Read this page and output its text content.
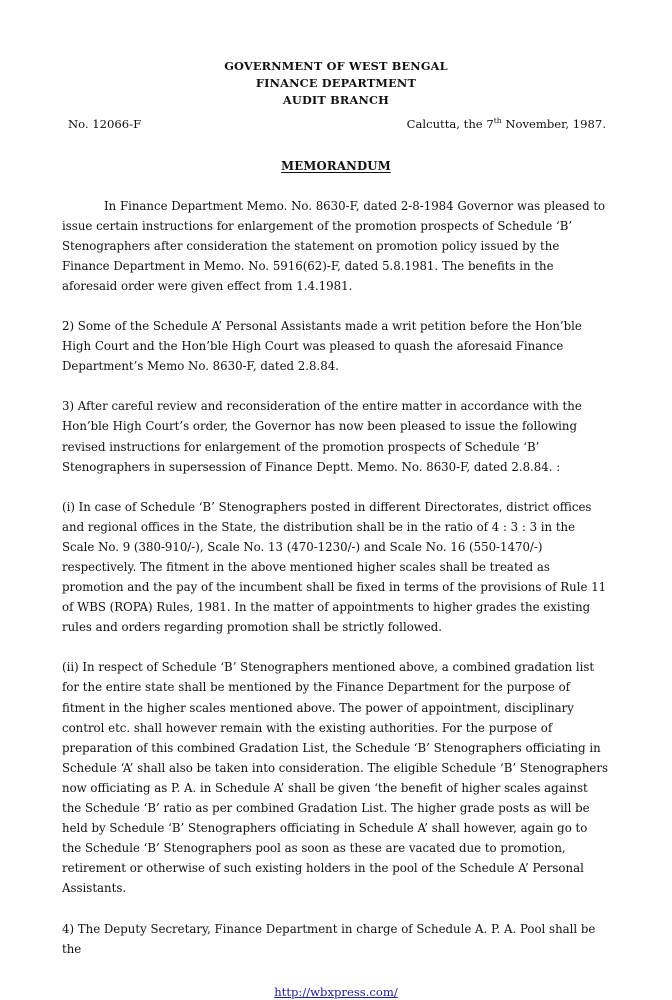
GOVERNMENT OF WEST BENGAL
FINANCE DEPARTMENT
AUDIT BRANCH
No. 12066-F	Calcutta, the 7th November, 1987.
MEMORANDUM

In Finance Department Memo. No. 8630-F, dated 2-8-1984 Governor was pleased to issue certain instructions for enlargement of the promotion prospects of Schedule ‘B’ Stenographers after consideration the statement on promotion policy issued by the Finance Department in Memo. No. 5916(62)-F, dated 5.8.1981. The benefits in the aforesaid order were given effect from 1.4.1981.

2) Some of the Schedule A’ Personal Assistants made a writ petition before the Hon’ble High Court and the Hon’ble High Court was pleased to quash the aforesaid Finance Department’s Memo No. 8630-F, dated 2.8.84.

3) After careful review and reconsideration of the entire matter in accordance with the Hon’ble High Court’s order, the Governor has now been pleased to issue the following revised instructions for enlargement of the promotion prospects of Schedule ‘B’ Stenographers in supersession of Finance Deptt. Memo. No. 8630-F, dated 2.8.84. :

(i) In case of Schedule ‘B’ Stenographers posted in different Directorates, district offices and regional offices in the State, the distribution shall be in the ratio of 4 : 3 : 3 in the Scale No. 9 (380-910/-), Scale No. 13 (470-1230/-) and Scale No. 16 (550-1470/-) respectively. The fitment in the above mentioned higher scales shall be treated as promotion and the pay of the incumbent shall be fixed in terms of the provisions of Rule 11 of WBS (ROPA) Rules, 1981. In the matter of appointments to higher grades the existing rules and orders regarding promotion shall be strictly followed.

(ii) In respect of Schedule ‘B’ Stenographers mentioned above, a combined gradation list for the entire state shall be mentioned by the Finance Department for the purpose of fitment in the higher scales mentioned above. The power of appointment, disciplinary control etc. shall however remain with the existing authorities. For the purpose of preparation of this combined Gradation List, the Schedule ‘B’ Stenographers officiating in Schedule ‘A’ shall also be taken into consideration. The eligible Schedule ‘B’ Stenographers now officiating as P. A. in Schedule A’ shall be given ‘the benefit of higher scales against the Schedule ‘B’ ratio as per combined Gradation List. The higher grade posts as will be held by Schedule ‘B’ Stenographers officiating in Schedule A’ shall however, again go to the Schedule ‘B’ Stenographers pool as soon as these are vacated due to promotion, retirement or otherwise of such existing holders in the pool of the Schedule A’ Personal Assistants.

4) The Deputy Secretary, Finance Department in charge of Schedule A. P. A. Pool shall be the

http://wbxpress.com/
